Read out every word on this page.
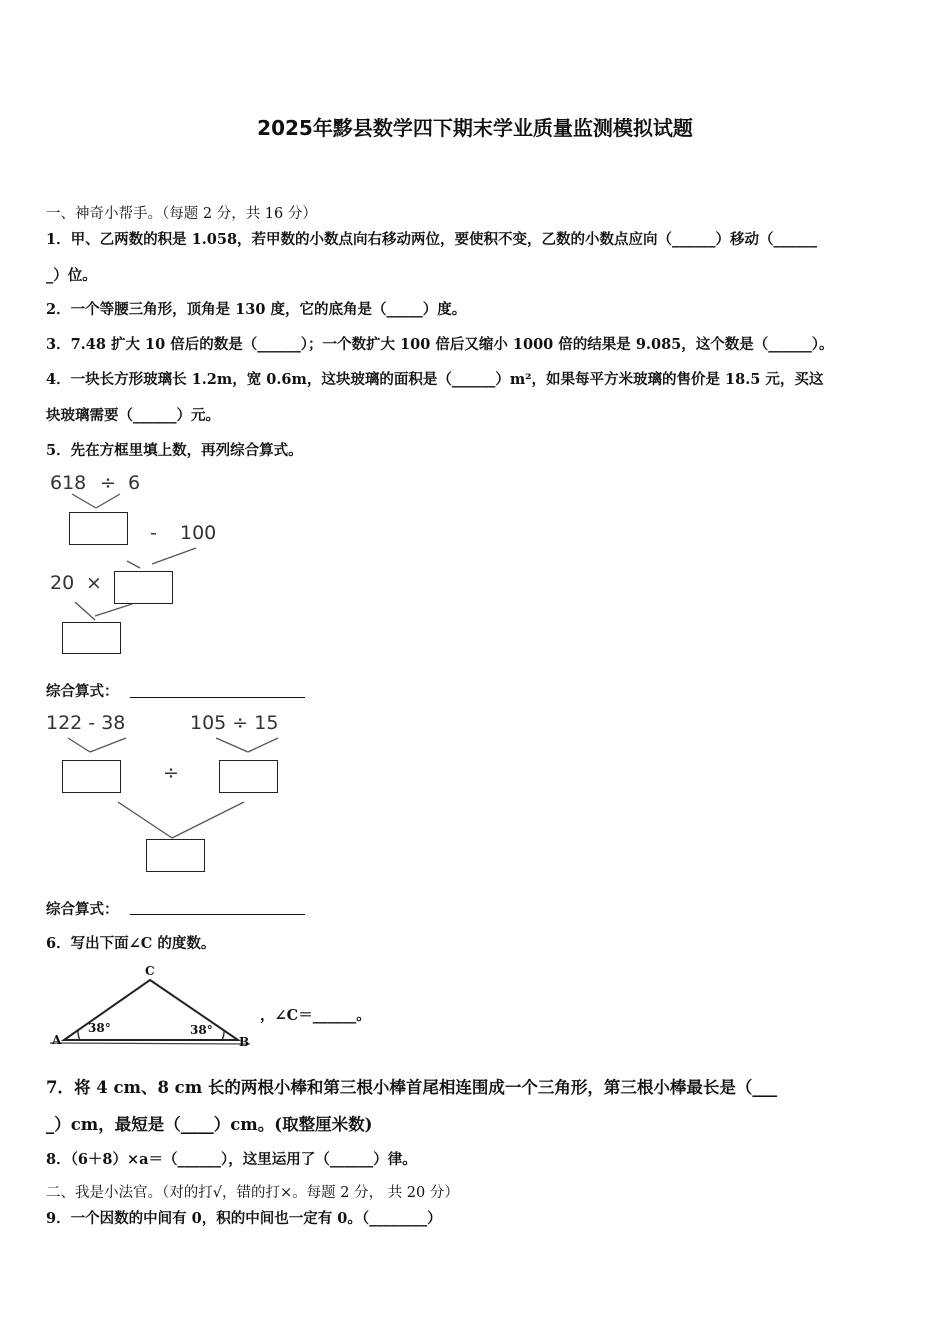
2025年黟县数学四下期末学业质量监测模拟试题
一、神奇小帮手。（每题 2 分，共 16 分）
1．甲、乙两数的积是 1.058，若甲数的小数点向右移动两位，要使积不变，乙数的小数点应向（______）移动（______
_）位。
2．一个等腰三角形，顶角是 130 度，它的底角是（_____）度。
3．7.48 扩大 10 倍后的数是（______）；一个数扩大 100 倍后又缩小 1000 倍的结果是 9.085，这个数是（______）。
4．一块长方形玻璃长 1.2m，宽 0.6m，这块玻璃的面积是（______）m²，如果每平方米玻璃的售价是 18.5 元，买这
块玻璃需要（______）元。
5．先在方框里填上数，再列综合算式。
618 ÷ 6
- 100
20 ×
综合算式：
122 - 38	105 ÷ 15
÷
综合算式：
6．写出下面∠C 的度数。
C
A	B
38°	38°
，∠C＝______。
7．将 4 cm、8 cm 长的两根小棒和第三根小棒首尾相连围成一个三角形，第三根小棒最长是（___
_）cm，最短是（____）cm。(取整厘米数)
8．（6＋8）×a＝（______），这里运用了（______）律。
二、我是小法官。（对的打√，错的打×。每题 2 分， 共 20 分）
9．一个因数的中间有 0，积的中间也一定有 0。（________）
